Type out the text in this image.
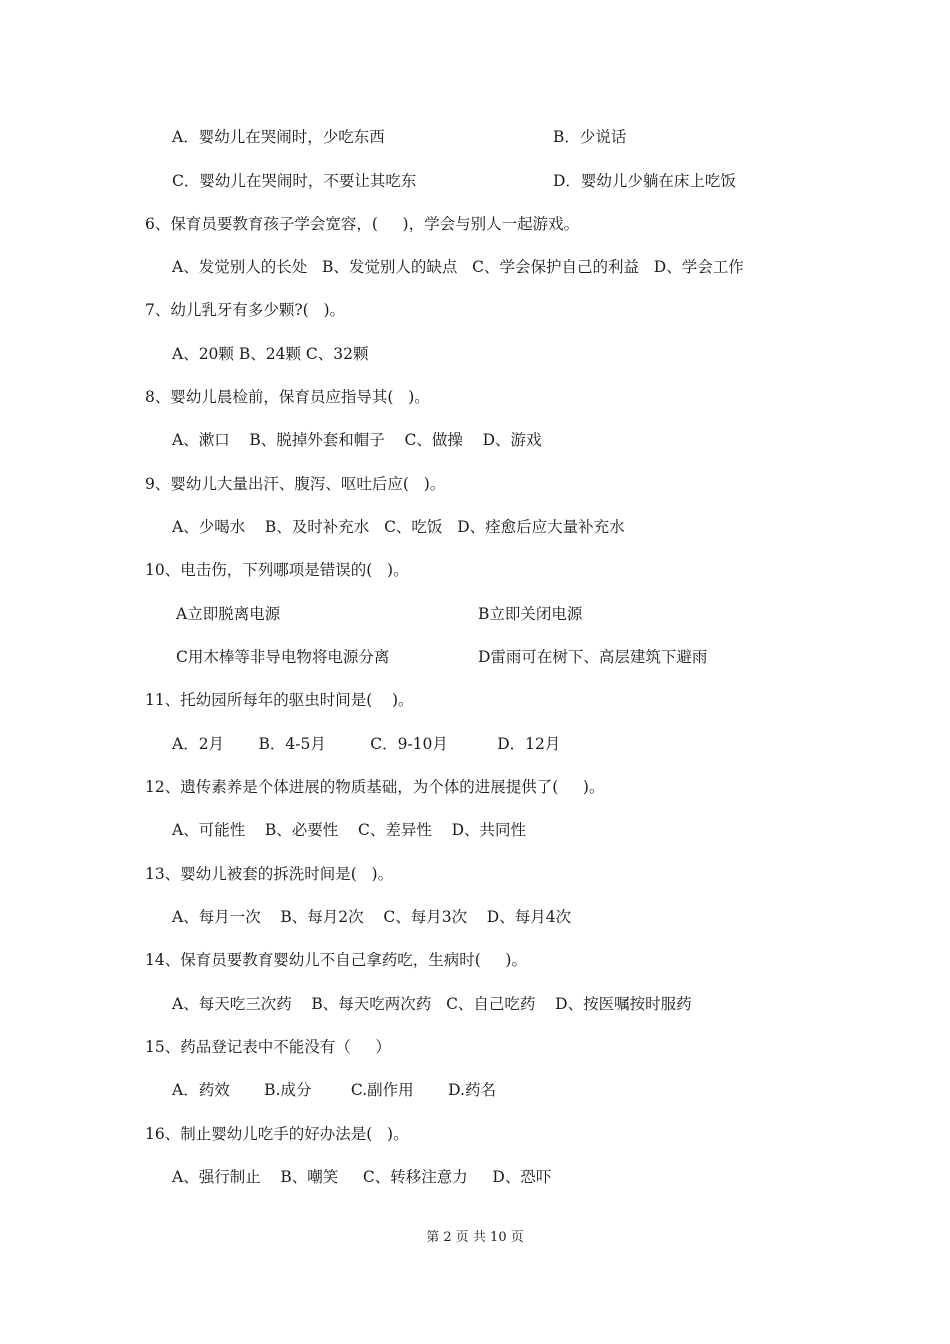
A．婴幼儿在哭闹时，少吃东西	B．少说话
C．婴幼儿在哭闹时，不要让其吃东	D．婴幼儿少躺在床上吃饭
6、保育员要教育孩子学会宽容，(     )，学会与别人一起游戏。
A、发觉别人的长处   B、发觉别人的缺点   C、学会保护自己的利益   D、学会工作
7、幼儿乳牙有多少颗?(   )。
A、20颗 B、24颗 C、32颗
8、婴幼儿晨检前，保育员应指导其(   )。
A、漱口    B、脱掉外套和帽子    C、做操    D、游戏
9、婴幼儿大量出汗、腹泻、呕吐后应(   )。
A、少喝水    B、及时补充水   C、吃饭   D、痊愈后应大量补充水
10、电击伤，下列哪项是错误的(   )。
A立即脱离电源	B立即关闭电源
C用木棒等非导电物将电源分离	D雷雨可在树下、高层建筑下避雨
11、托幼园所每年的驱虫时间是(    )。
A．2月       B．4-5月         C．9-10月          D．12月
12、遗传素养是个体进展的物质基础，为个体的进展提供了(     )。
A、可能性    B、必要性    C、差异性    D、共同性
13、婴幼儿被套的拆洗时间是(   )。
A、每月一次    B、每月2次    C、每月3次    D、每月4次
14、保育员要教育婴幼儿不自己拿药吃，生病时(     )。
A、每天吃三次药    B、每天吃两次药   C、自己吃药    D、按医嘱按时服药
15、药品登记表中不能没有（     ）
A．药效       B.成分        C.副作用       D.药名
16、制止婴幼儿吃手的好办法是(   )。
A、强行制止    B、嘲笑     C、转移注意力     D、恐吓
第 2 页 共 10 页
